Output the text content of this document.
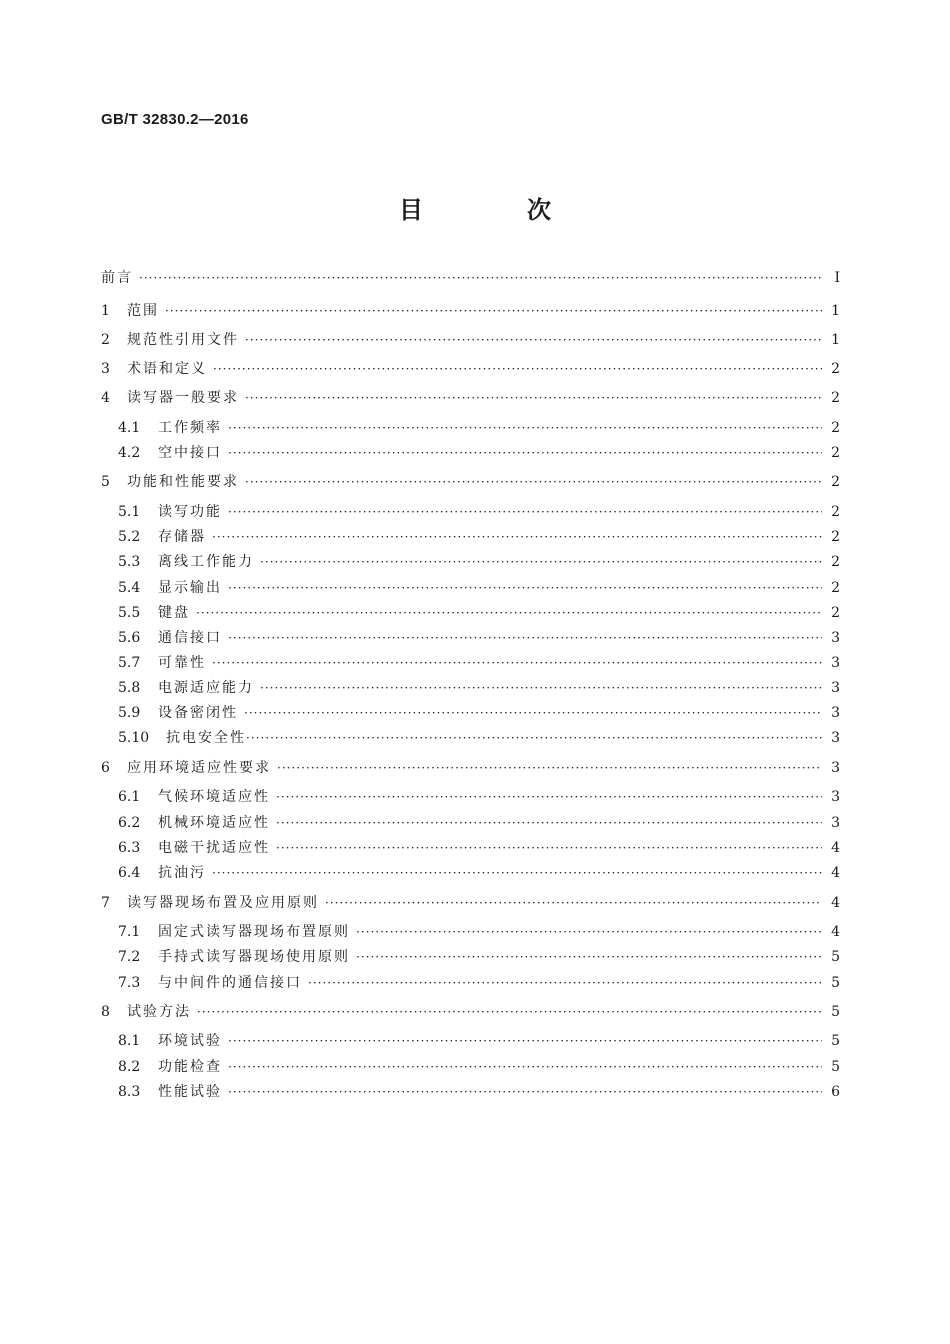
GB/T 32830.2—2016
目　次
前言 ·····	Ⅰ
1	范围 ·····	1
2	规范性引用文件 ·····	1
3	术语和定义 ·····	2
4	读写器一般要求 ·····	2
4.1	工作频率 ·····	2
4.2	空中接口 ·····	2
5	功能和性能要求 ·····	2
5.1	读写功能 ·····	2
5.2	存储器 ·····	2
5.3	离线工作能力 ·····	2
5.4	显示输出 ·····	2
5.5	键盘 ·····	2
5.6	通信接口 ·····	3
5.7	可靠性 ·····	3
5.8	电源适应能力 ·····	3
5.9	设备密闭性 ·····	3
5.10	抗电安全性 ·····	3
6	应用环境适应性要求 ·····	3
6.1	气候环境适应性 ·····	3
6.2	机械环境适应性 ·····	3
6.3	电磁干扰适应性 ·····	4
6.4	抗油污 ·····	4
7	读写器现场布置及应用原则 ·····	4
7.1	固定式读写器现场布置原则 ·····	4
7.2	手持式读写器现场使用原则 ·····	5
7.3	与中间件的通信接口 ·····	5
8	试验方法 ·····	5
8.1	环境试验 ·····	5
8.2	功能检查 ·····	5
8.3	性能试验 ·····	6
